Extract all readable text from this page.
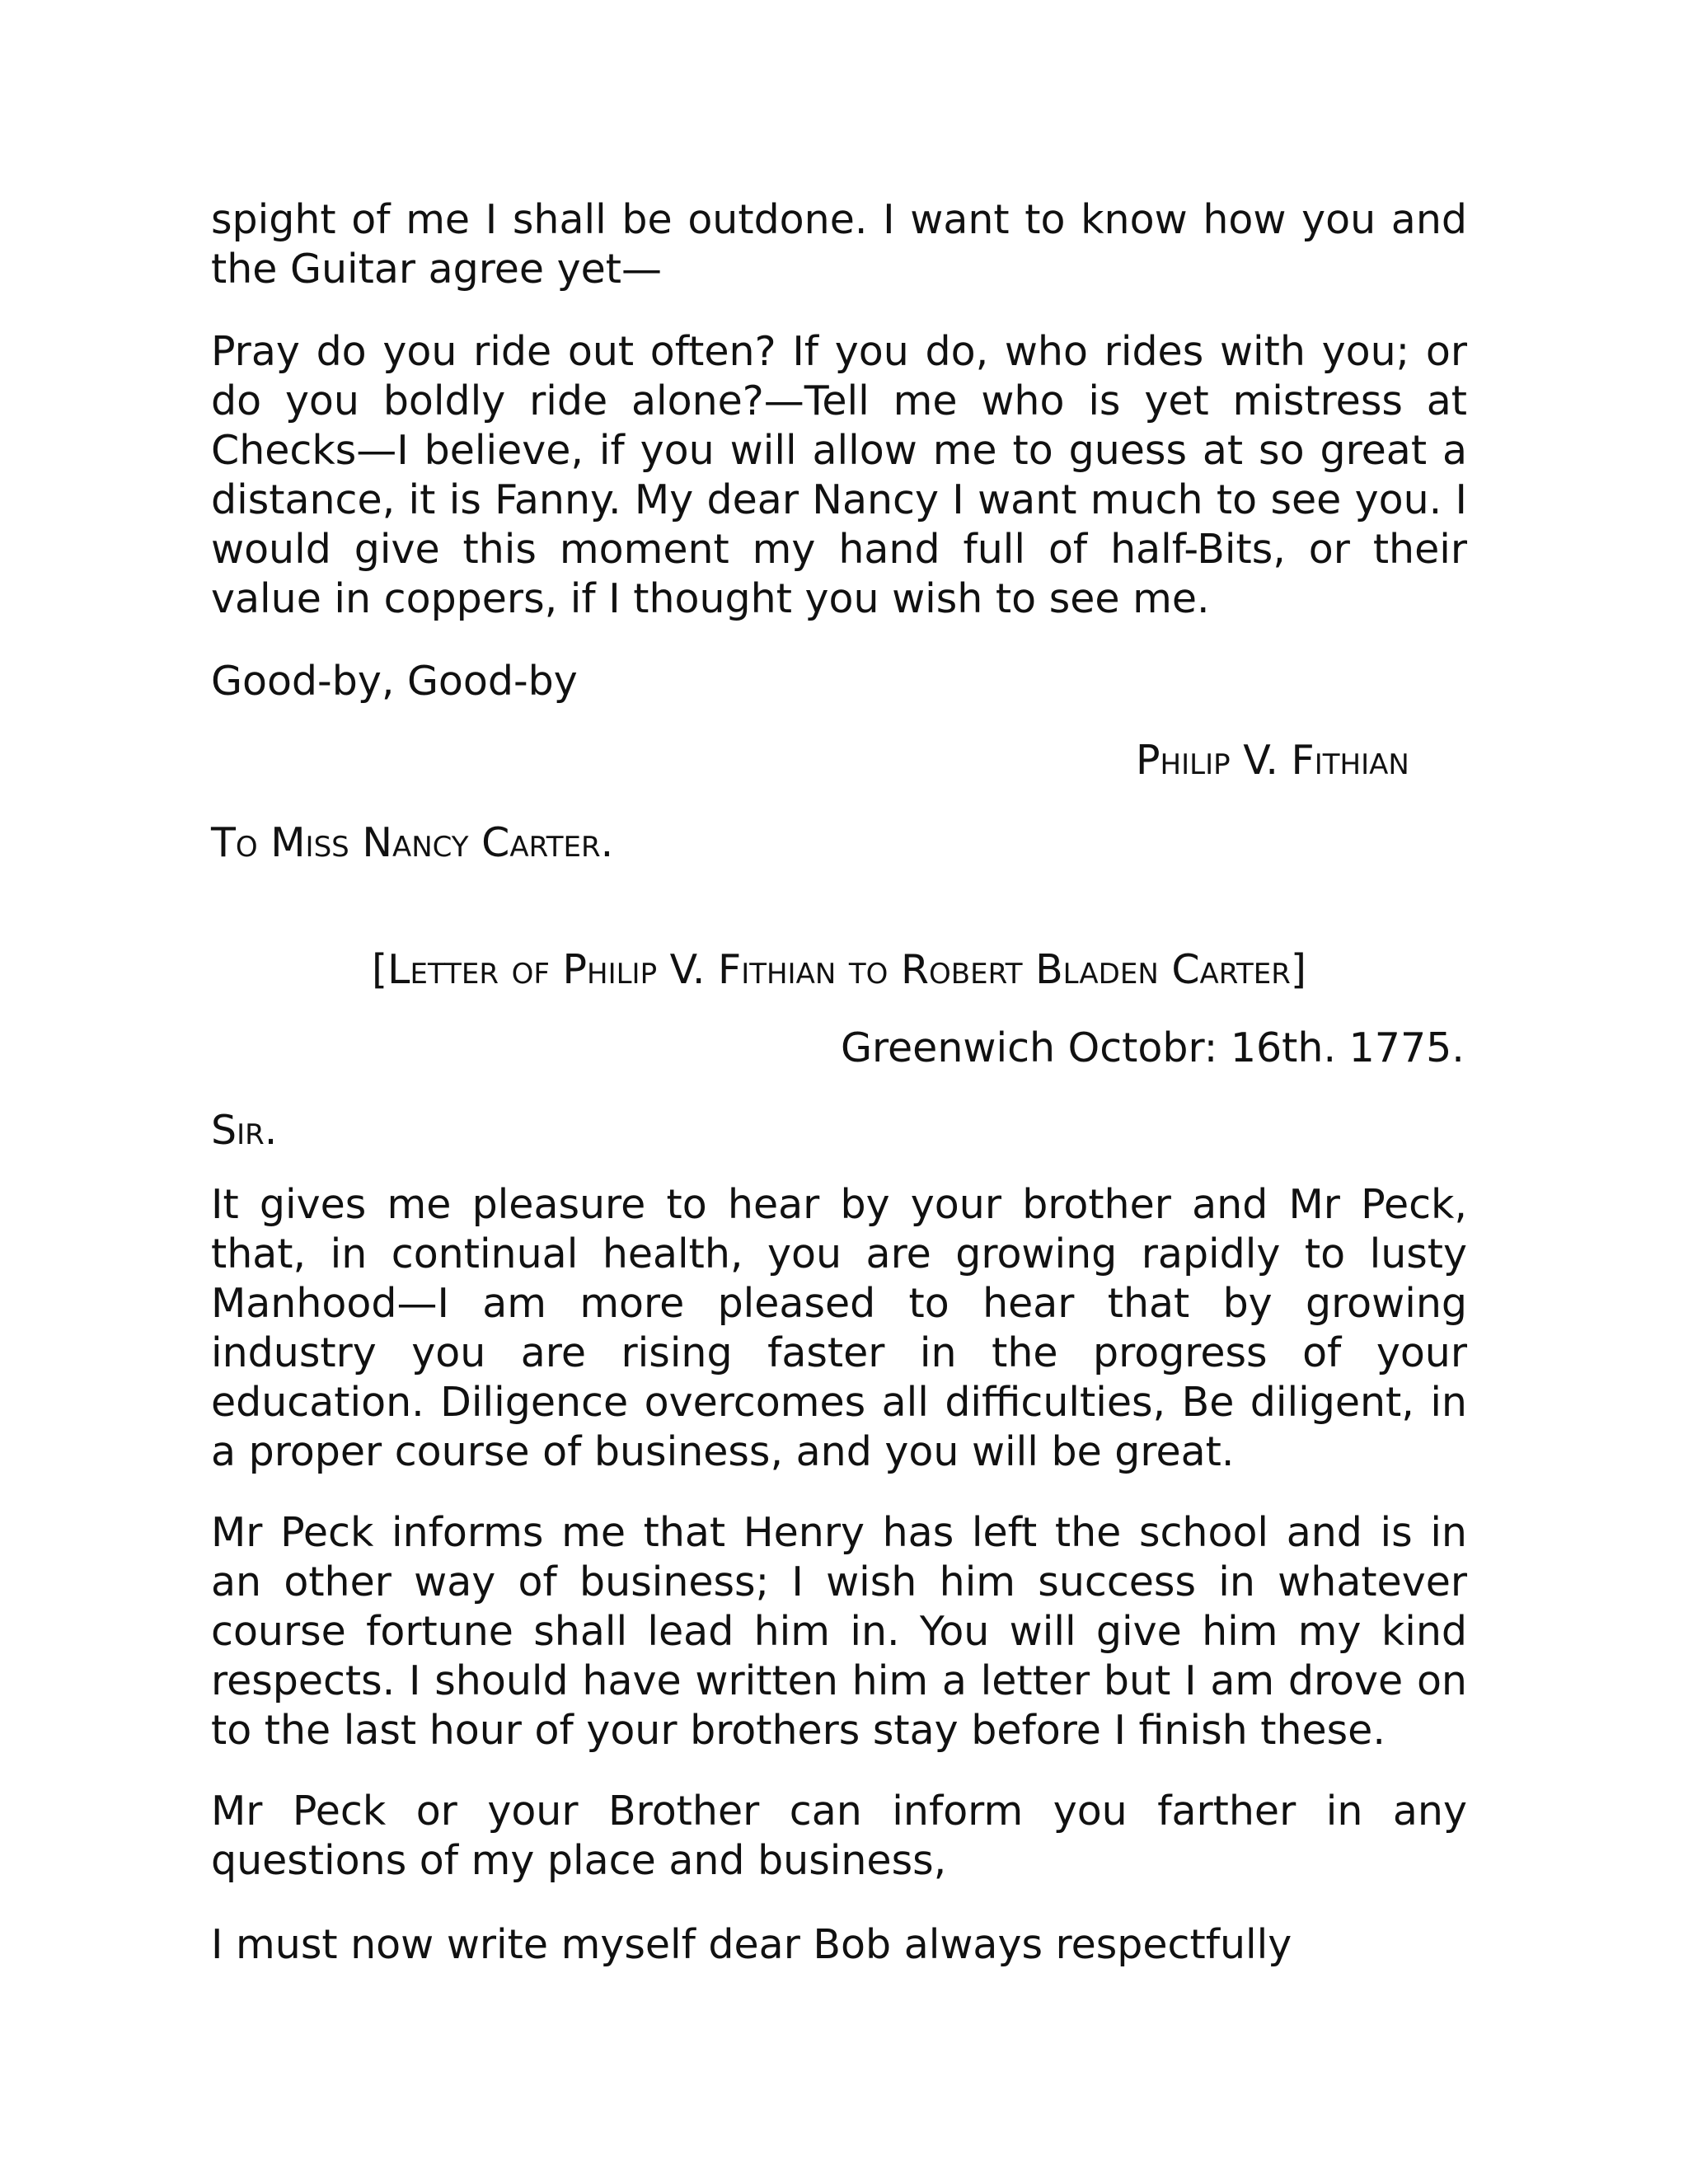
spight of me I shall be outdone. I want to know how you and the Guitar agree yet—
Pray do you ride out often? If you do, who rides with you; or do you boldly ride alone?—Tell me who is yet mistress at Checks—I believe, if you will allow me to guess at so great a distance, it is Fanny. My dear Nancy I want much to see you. I would give this moment my hand full of half-Bits, or their value in coppers, if I thought you wish to see me.
Good-by, Good-by
Philip V. Fithian
To Miss Nancy Carter.
[Letter of Philip V. Fithian to Robert Bladen Carter]
Greenwich Octobr: 16th. 1775.
Sir.
It gives me pleasure to hear by your brother and Mr Peck, that, in continual health, you are growing rapidly to lusty Manhood—I am more pleased to hear that by growing industry you are rising faster in the progress of your education. Diligence overcomes all difficulties, Be diligent, in a proper course of business, and you will be great.
Mr Peck informs me that Henry has left the school and is in an other way of business; I wish him success in whatever course fortune shall lead him in. You will give him my kind respects. I should have written him a letter but I am drove on to the last hour of your brothers stay before I finish these.
Mr Peck or your Brother can inform you farther in any questions of my place and business,
I must now write myself dear Bob always respectfully
